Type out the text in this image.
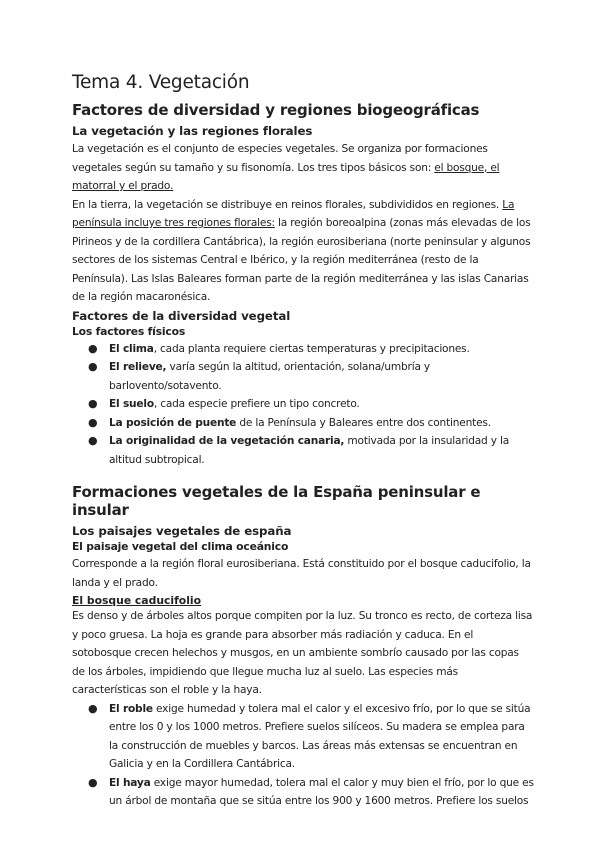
Tema 4. Vegetación
Factores de diversidad y regiones biogeográficas
La vegetación y las regiones florales

La vegetación es el conjunto de especies vegetales. Se organiza por formaciones vegetales según su tamaño y su fisonomía. Los tres tipos básicos son: el bosque, el matorral y el prado.

En la tierra, la vegetación se distribuye en reinos florales, subdivididos en regiones. La península incluye tres regiones florales: la región boreoalpina (zonas más elevadas de los Pirineos y de la cordillera Cantábrica), la región eurosiberiana (norte peninsular y algunos sectores de los sistemas Central e Ibérico, y la región mediterránea (resto de la Península). Las Islas Baleares forman parte de la región mediterránea y las islas Canarias de la región macaronésica.

Factores de la diversidad vegetal
Los factores físicos
● El clima, cada planta requiere ciertas temperaturas y precipitaciones.
● El relieve, varía según la altitud, orientación, solana/umbría y barlovento/sotavento.
● El suelo, cada especie prefiere un tipo concreto.
● La posición de puente de la Península y Baleares entre dos continentes.
● La originalidad de la vegetación canaria, motivada por la insularidad y la altitud subtropical.
Formaciones vegetales de la España peninsular e insular
Los paisajes vegetales de españa
El paisaje vegetal del clima oceánico

Corresponde a la región floral eurosiberiana. Está constituido por el bosque caducifolio, la landa y el prado.

El bosque caducifolio

Es denso y de árboles altos porque compiten por la luz. Su tronco es recto, de corteza lisa y poco gruesa. La hoja es grande para absorber más radiación y caduca. En el sotobosque crecen helechos y musgos, en un ambiente sombrío causado por las copas de los árboles, impidiendo que llegue mucha luz al suelo. Las especies más características son el roble y la haya.

● El roble exige humedad y tolera mal el calor y el excesivo frío, por lo que se sitúa entre los 0 y los 1000 metros. Prefiere suelos silíceos. Su madera se emplea para la construcción de muebles y barcos. Las áreas más extensas se encuentran en Galicia y en la Cordillera Cantábrica.
● El haya exige mayor humedad, tolera mal el calor y muy bien el frío, por lo que es un árbol de montaña que se sitúa entre los 900 y 1600 metros. Prefiere los suelos
